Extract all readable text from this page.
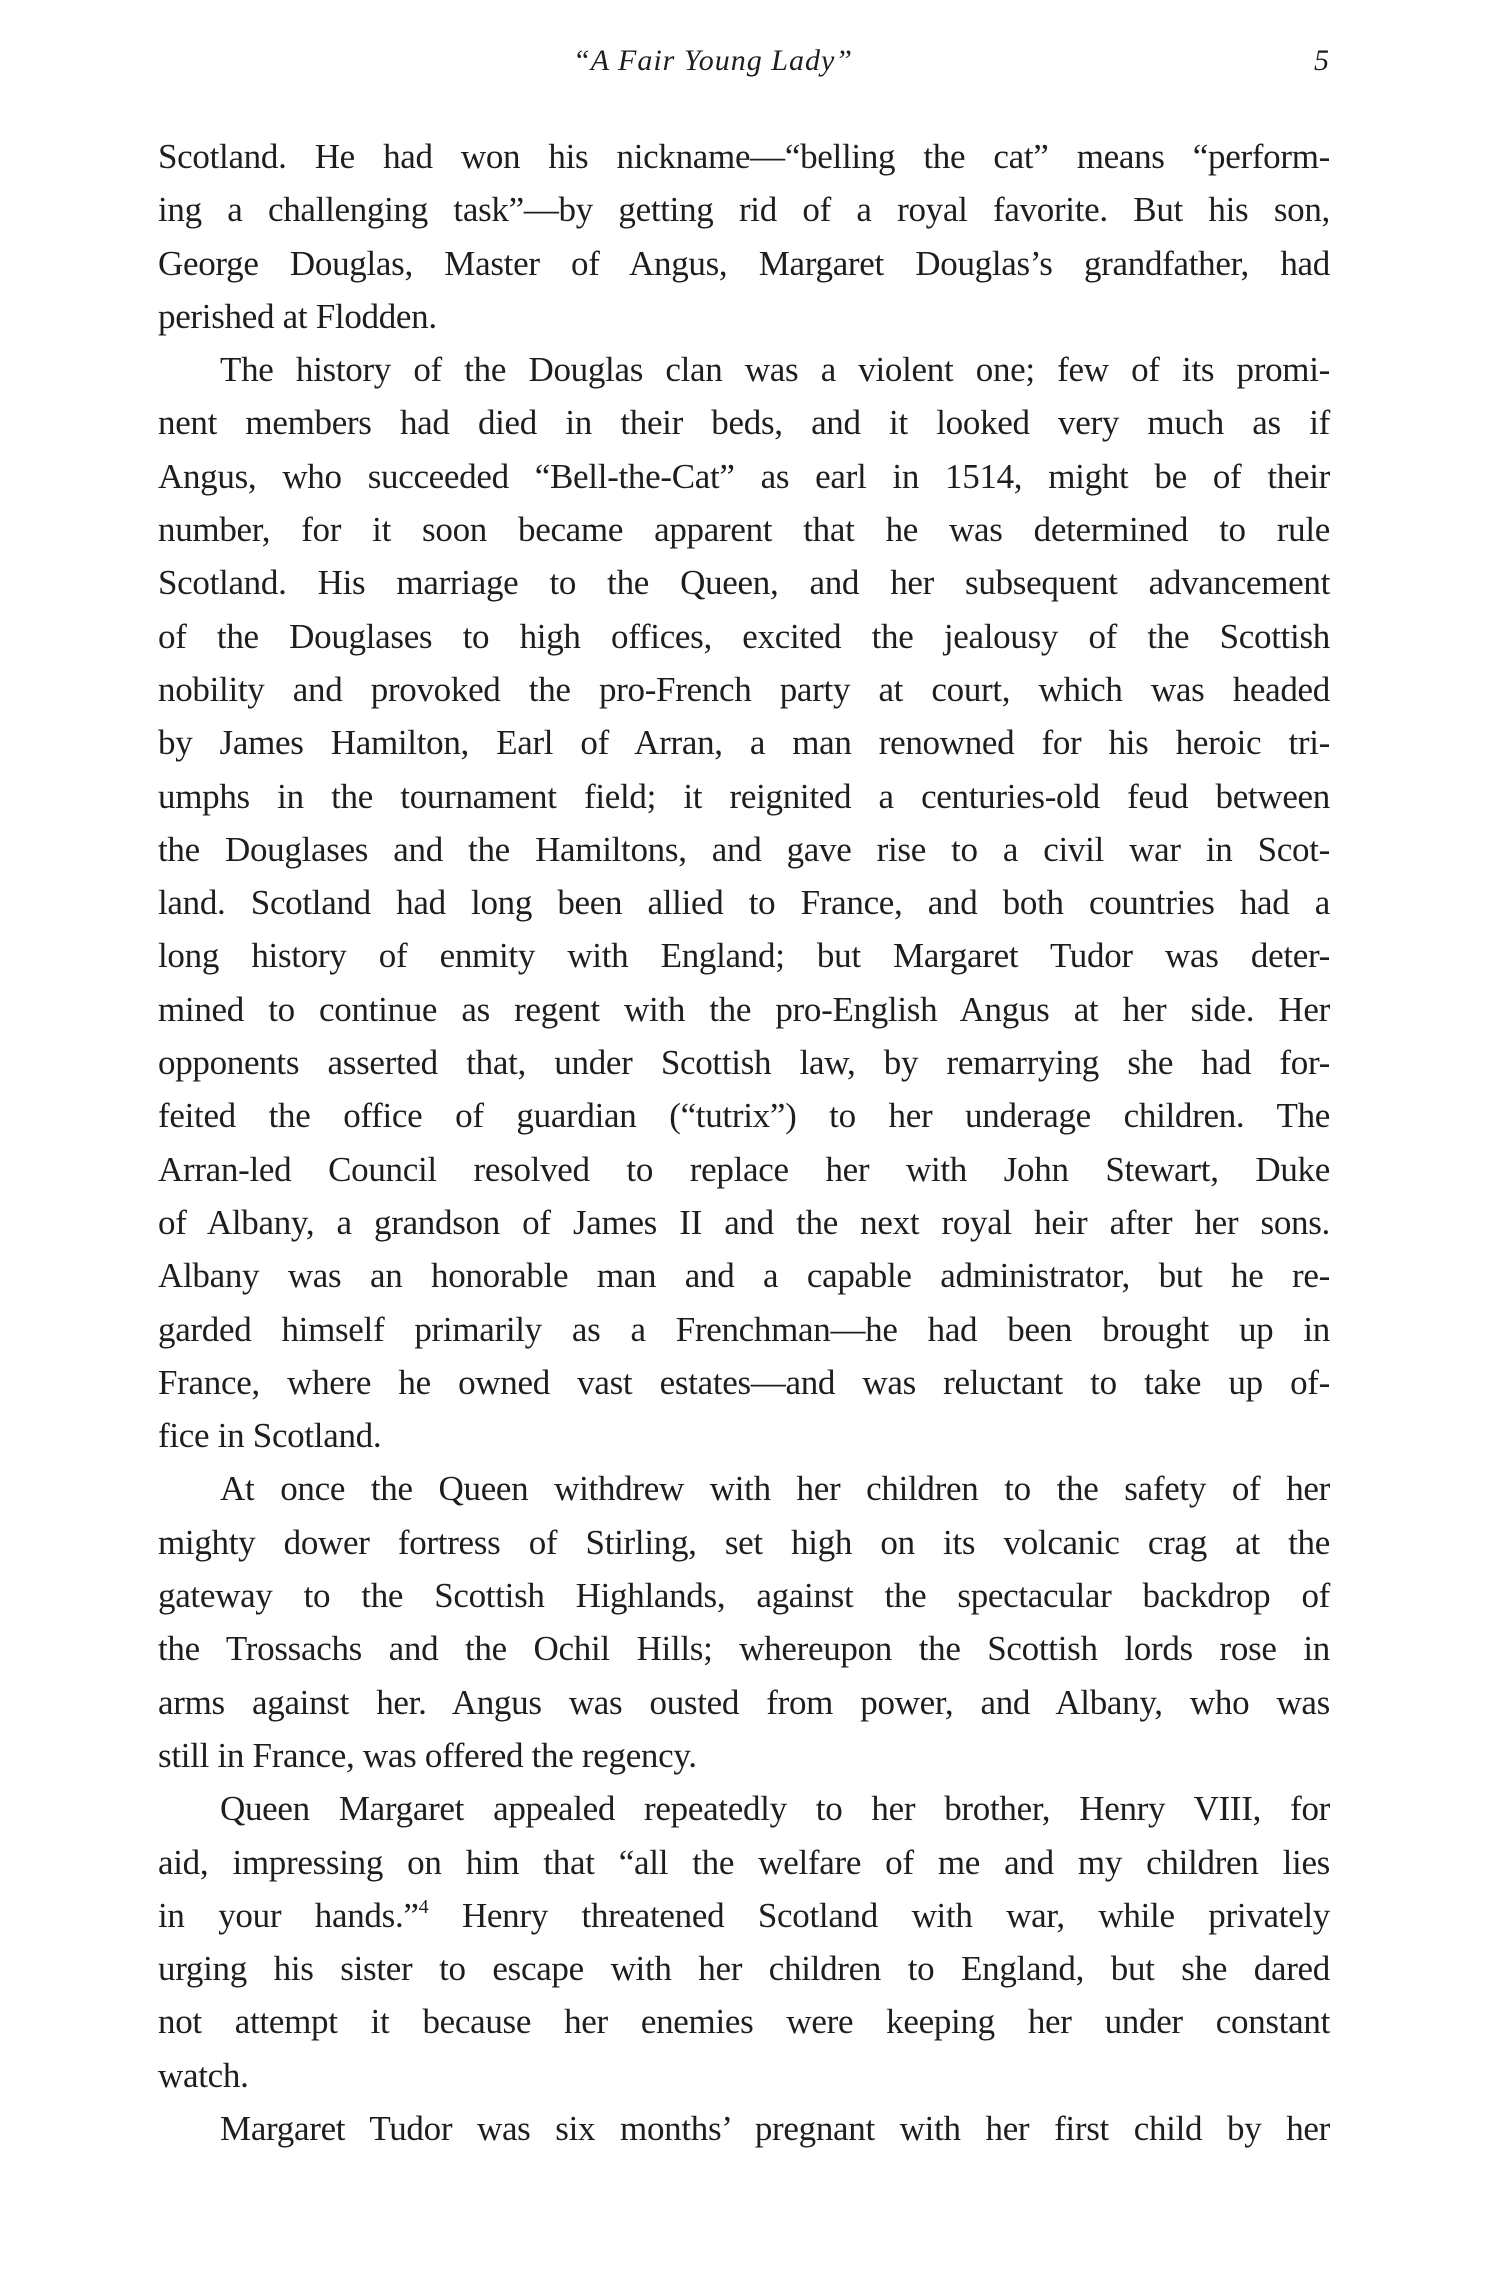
“A Fair Young Lady”	5
Scotland. He had won his nickname—“belling the cat” means “perform-
ing a challenging task”—by getting rid of a royal favorite. But his son,
George Douglas, Master of Angus, Margaret Douglas’s grandfather, had
perished at Flodden.
The history of the Douglas clan was a violent one; few of its promi-
nent members had died in their beds, and it looked very much as if
Angus, who succeeded “Bell-the-Cat” as earl in 1514, might be of their
number, for it soon became apparent that he was determined to rule
Scotland. His marriage to the Queen, and her subsequent advancement
of the Douglases to high offices, excited the jealousy of the Scottish
nobility and provoked the pro-French party at court, which was headed
by James Hamilton, Earl of Arran, a man renowned for his heroic tri-
umphs in the tournament field; it reignited a centuries-old feud between
the Douglases and the Hamiltons, and gave rise to a civil war in Scot-
land. Scotland had long been allied to France, and both countries had a
long history of enmity with England; but Margaret Tudor was deter-
mined to continue as regent with the pro-English Angus at her side. Her
opponents asserted that, under Scottish law, by remarrying she had for-
feited the office of guardian (“tutrix”) to her underage children. The
Arran-led Council resolved to replace her with John Stewart, Duke
of Albany, a grandson of James II and the next royal heir after her sons.
Albany was an honorable man and a capable administrator, but he re-
garded himself primarily as a Frenchman—he had been brought up in
France, where he owned vast estates—and was reluctant to take up of-
fice in Scotland.
At once the Queen withdrew with her children to the safety of her
mighty dower fortress of Stirling, set high on its volcanic crag at the
gateway to the Scottish Highlands, against the spectacular backdrop of
the Trossachs and the Ochil Hills; whereupon the Scottish lords rose in
arms against her. Angus was ousted from power, and Albany, who was
still in France, was offered the regency.
Queen Margaret appealed repeatedly to her brother, Henry VIII, for
aid, impressing on him that “all the welfare of me and my children lies
in your hands.”$^4$ Henry threatened Scotland with war, while privately
urging his sister to escape with her children to England, but she dared
not attempt it because her enemies were keeping her under constant
watch.
Margaret Tudor was six months’ pregnant with her first child by her
